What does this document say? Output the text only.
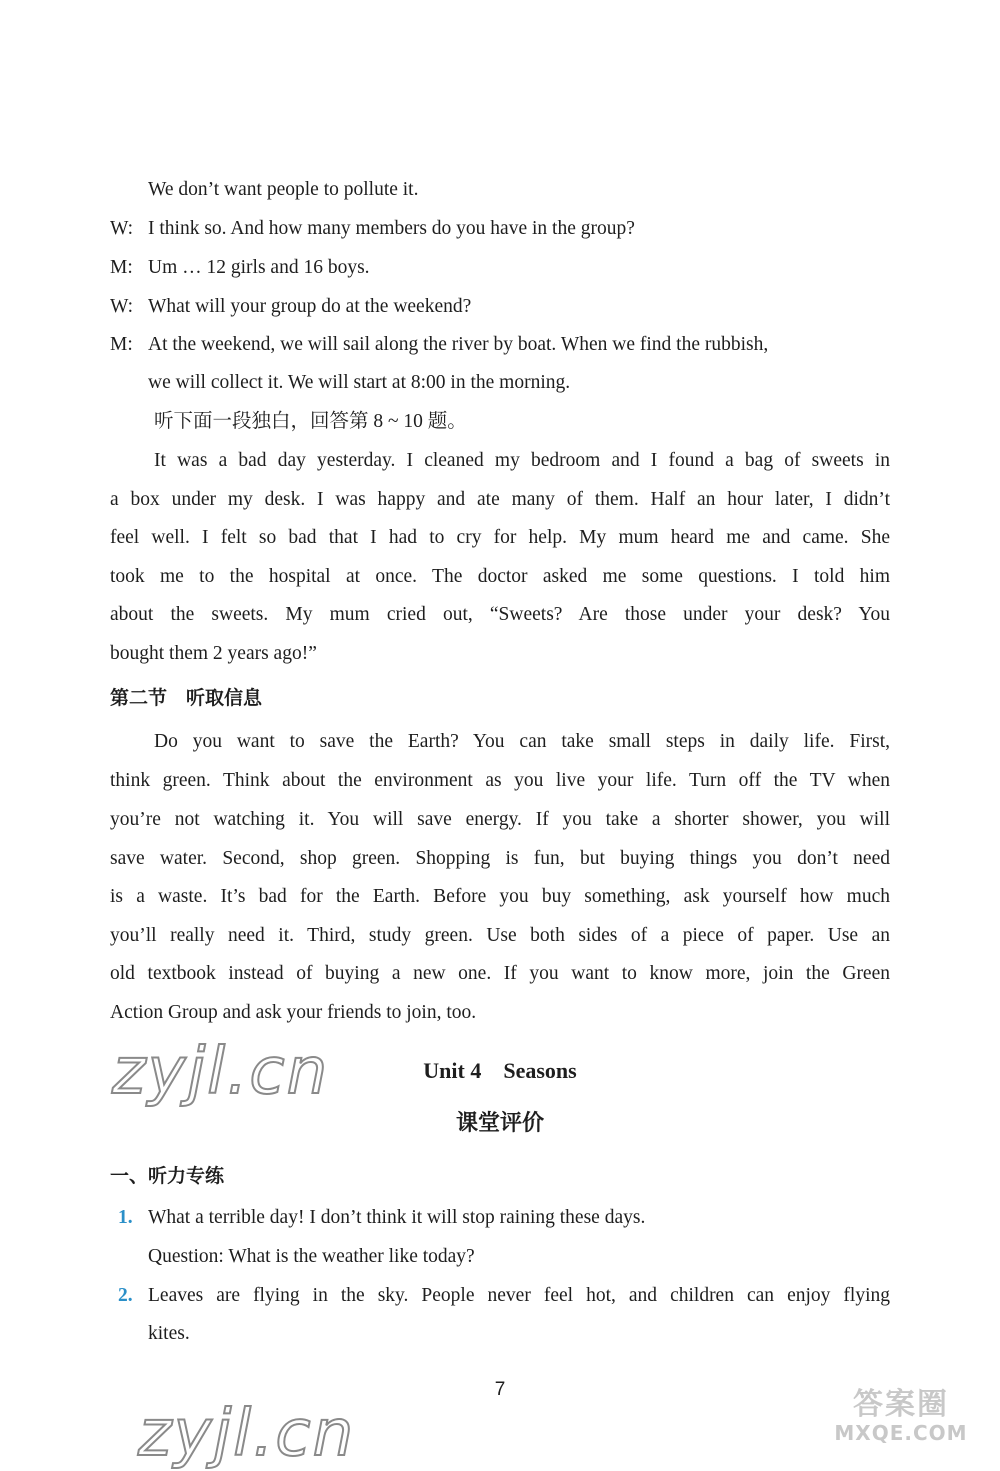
We don’t want people to pollute it.
W: I think so. And how many members do you have in the group?
M: Um … 12 girls and 16 boys.
W: What will your group do at the weekend?
M: At the weekend, we will sail along the river by boat. When we find the rubbish,
we will collect it. We will start at 8:00 in the morning.
听下面一段独白，回答第 8 ~ 10 题。
It was a bad day yesterday. I cleaned my bedroom and I found a bag of sweets in
a box under my desk. I was happy and ate many of them. Half an hour later, I didn’t
feel well. I felt so bad that I had to cry for help. My mum heard me and came. She
took me to the hospital at once. The doctor asked me some questions. I told him
about the sweets. My mum cried out, “Sweets? Are those under your desk? You
bought them 2 years ago!”
第二节　听取信息
Do you want to save the Earth? You can take small steps in daily life. First,
think green. Think about the environment as you live your life. Turn off the TV when
you’re not watching it. You will save energy. If you take a shorter shower, you will
save water. Second, shop green. Shopping is fun, but buying things you don’t need
is a waste. It’s bad for the Earth. Before you buy something, ask yourself how much
you’ll really need it. Third, study green. Use both sides of a piece of paper. Use an
old textbook instead of buying a new one. If you want to know more, join the Green
Action Group and ask your friends to join, too.
zyjl.cn	Unit 4　Seasons
课堂评价
一、听力专练
1. What a terrible day! I don’t think it will stop raining these days.
Question: What is the weather like today?
2. Leaves are flying in the sky. People never feel hot, and children can enjoy flying
kites.
7
zyjl.cn	答案圈
MXQE.COM
